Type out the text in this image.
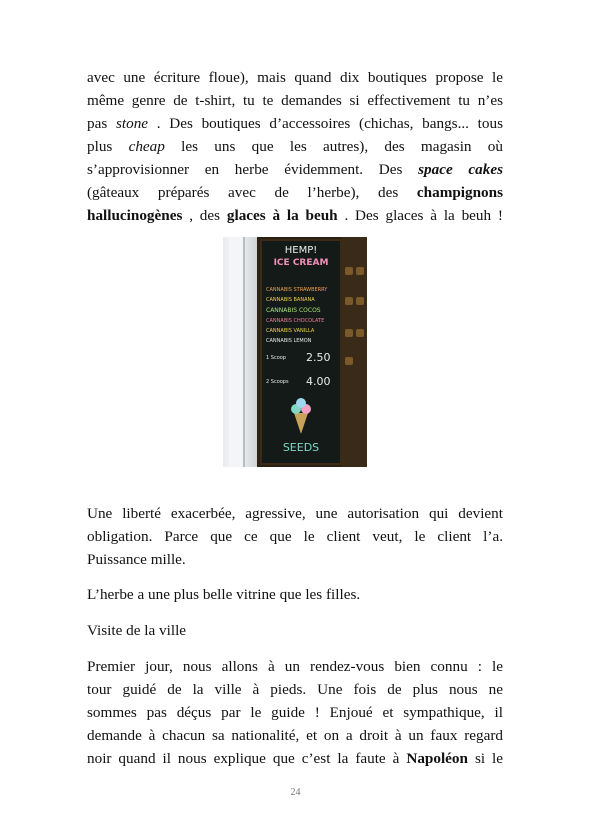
avec une écriture floue), mais quand dix boutiques propose le
même genre de t-shirt, tu te demandes si effectivement tu n’es
pas stone . Des boutiques d’accessoires (chichas, bangs... tous
plus cheap les uns que les autres), des magasin où
s’approvisionner en herbe évidemment. Des space cakes
(gâteaux préparés avec de l’herbe), des champignons
hallucinogènes , des glaces à la beuh . Des glaces à la beuh !
HEMP!
ICE CREAM
CANNABIS STRAWBERRY
CANNABIS BANANA
CANNABIS COCOS
CANNABIS CHOCOLATE
CANNABIS VANILLA
CANNABIS LEMON
1 Scoop 2.50
2 Scoops 4.00
SEEDS
Une liberté exacerbée, agressive, une autorisation qui devient
obligation. Parce que ce que le client veut, le client l’a.
Puissance mille.
L’herbe a une plus belle vitrine que les filles.
Visite de la ville
Premier jour, nous allons à un rendez-vous bien connu : le
tour guidé de la ville à pieds. Une fois de plus nous ne
sommes pas déçus par le guide ! Enjoué et sympathique, il
demande à chacun sa nationalité, et on a droit à un faux regard
noir quand il nous explique que c’est la faute à Napoléon si le
24
